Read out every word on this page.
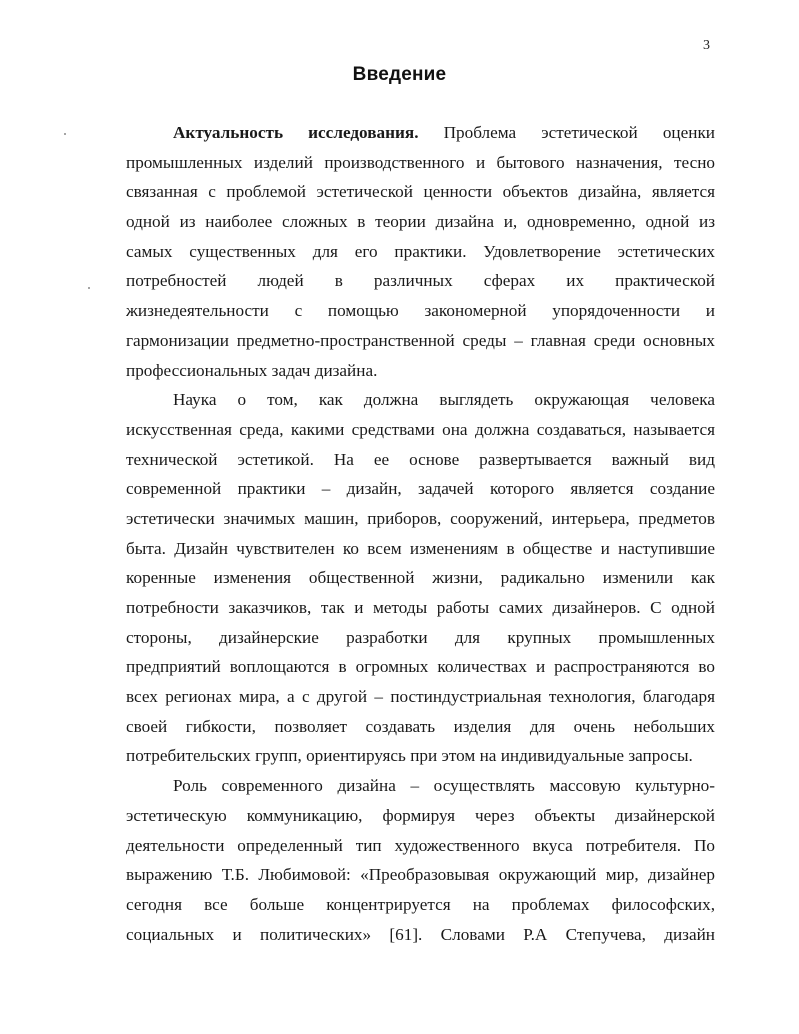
3
Введение
Актуальность исследования. Проблема эстетической оценки
промышленных изделий производственного и бытового назначения, тесно
связанная с проблемой эстетической ценности объектов дизайна, является
одной из наиболее сложных в теории дизайна и, одновременно, одной из
самых существенных для его практики. Удовлетворение эстетических
потребностей людей в различных сферах их практической
жизнедеятельности с помощью закономерной упорядоченности и
гармонизации предметно-пространственной среды – главная среди основных
профессиональных задач дизайна.
Наука о том, как должна выглядеть окружающая человека
искусственная среда, какими средствами она должна создаваться, называется
технической эстетикой. На ее основе развертывается важный вид
современной практики – дизайн, задачей которого является создание
эстетически значимых машин, приборов, сооружений, интерьера, предметов
быта. Дизайн чувствителен ко всем изменениям в обществе и наступившие
коренные изменения общественной жизни, радикально изменили как
потребности заказчиков, так и методы работы самих дизайнеров. С одной
стороны, дизайнерские разработки для крупных промышленных
предприятий воплощаются в огромных количествах и распространяются во
всех регионах мира, а с другой – постиндустриальная технология, благодаря
своей гибкости, позволяет создавать изделия для очень небольших
потребительских групп, ориентируясь при этом на индивидуальные запросы.
Роль современного дизайна – осуществлять массовую культурно-
эстетическую коммуникацию, формируя через объекты дизайнерской
деятельности определенный тип художественного вкуса потребителя. По
выражению Т.Б. Любимовой: «Преобразовывая окружающий мир, дизайнер
сегодня все больше концентрируется на проблемах философских,
социальных и политических» [61]. Словами Р.А Степучева, дизайн
